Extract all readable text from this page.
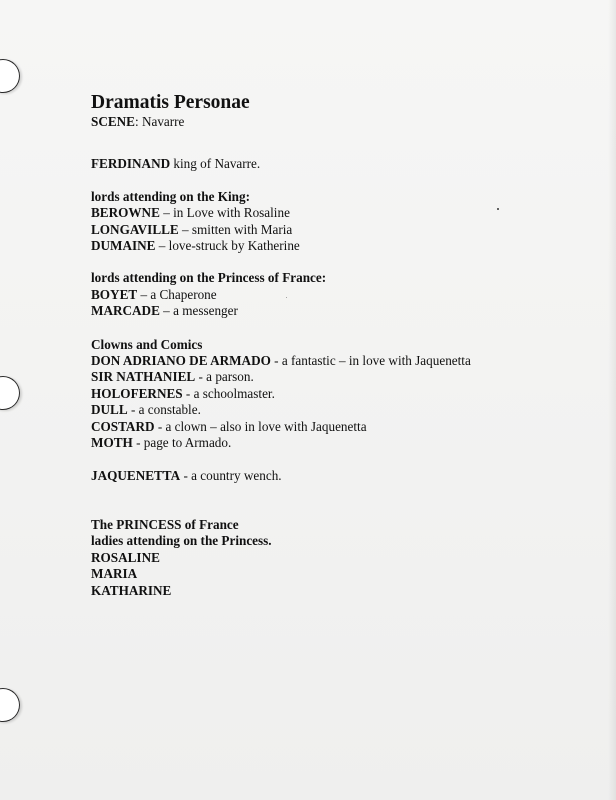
Dramatis Personae

SCENE: Navarre

FERDINAND king of Navarre.

lords attending on the King:

BEROWNE – in Love with Rosaline

LONGAVILLE – smitten with Maria

DUMAINE – love-struck by Katherine

lords attending on the Princess of France:

BOYET – a Chaperone

MARCADE – a messenger

Clowns and Comics

DON ADRIANO DE ARMADO - a fantastic – in love with Jaquenetta

SIR NATHANIEL - a parson.

HOLOFERNES - a schoolmaster.

DULL - a constable.

COSTARD - a clown – also in love with Jaquenetta

MOTH - page to Armado.

JAQUENETTA - a country wench.

The PRINCESS of France

ladies attending on the Princess.

ROSALINE

MARIA

KATHARINE
